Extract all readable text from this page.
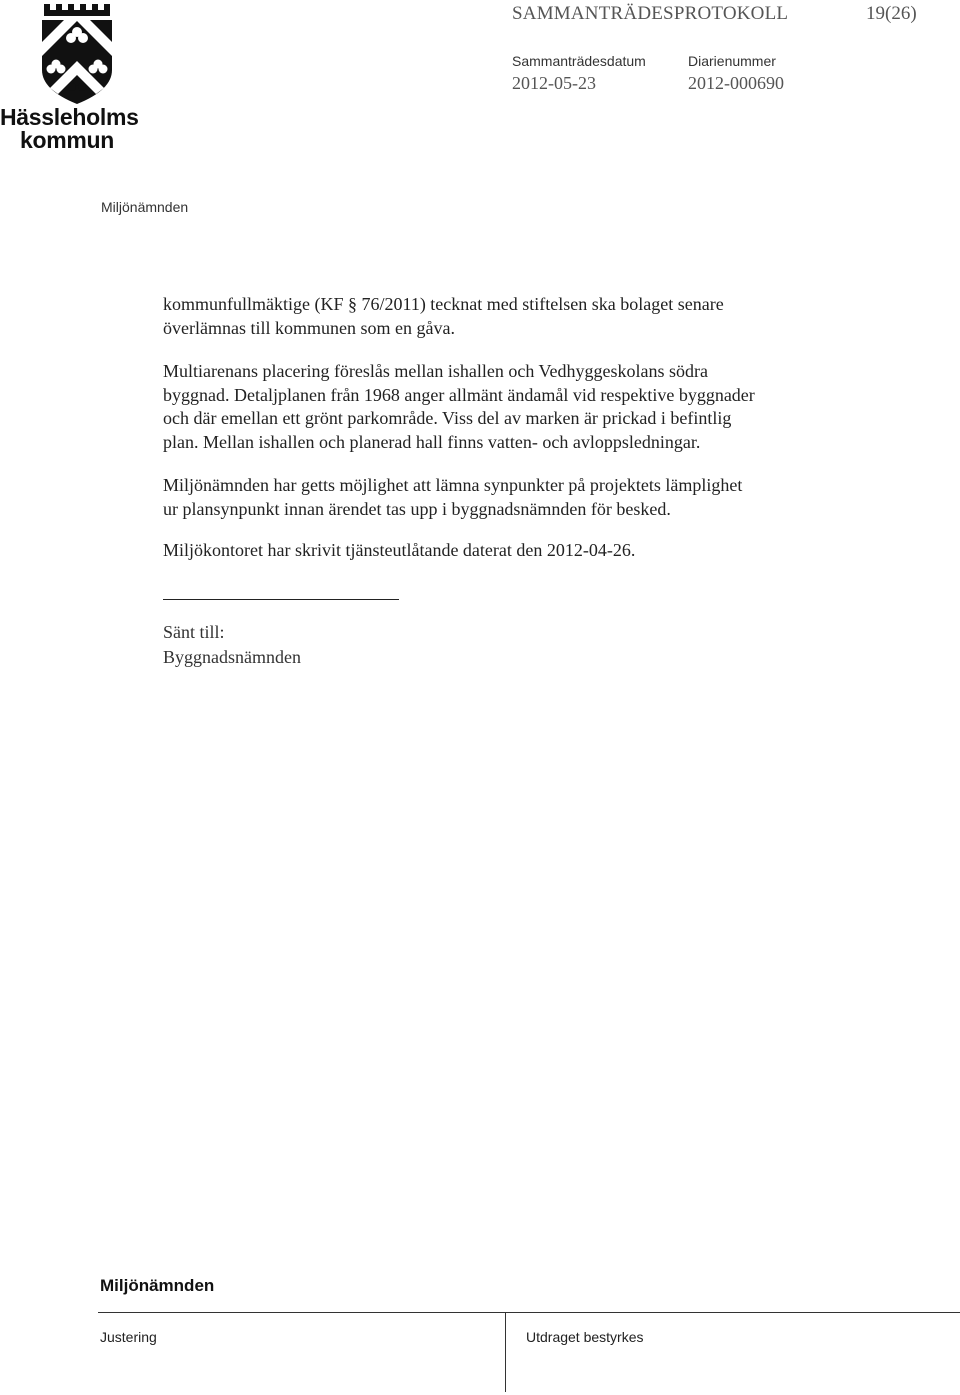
Hässleholms
kommun
SAMMANTRÄDESPROTOKOLL	19(26)
Sammanträdesdatum
2012-05-23
Diarienummer
2012-000690
Miljönämnden
kommunfullmäktige (KF § 76/2011) tecknat med stiftelsen ska bolaget senare
överlämnas till kommunen som en gåva.
Multiarenans placering föreslås mellan ishallen och Vedhyggeskolans södra
byggnad. Detaljplanen från 1968 anger allmänt ändamål vid respektive byggnader
och där emellan ett grönt parkområde. Viss del av marken är prickad i befintlig
plan. Mellan ishallen och planerad hall finns vatten- och avloppsledningar.
Miljönämnden har getts möjlighet att lämna synpunkter på projektets lämplighet
ur plansynpunkt innan ärendet tas upp i byggnadsnämnden för besked.
Miljökontoret har skrivit tjänsteutlåtande daterat den 2012-04-26.
Sänt till:
Byggnadsnämnden
Miljönämnden
Justering	Utdraget bestyrkes
